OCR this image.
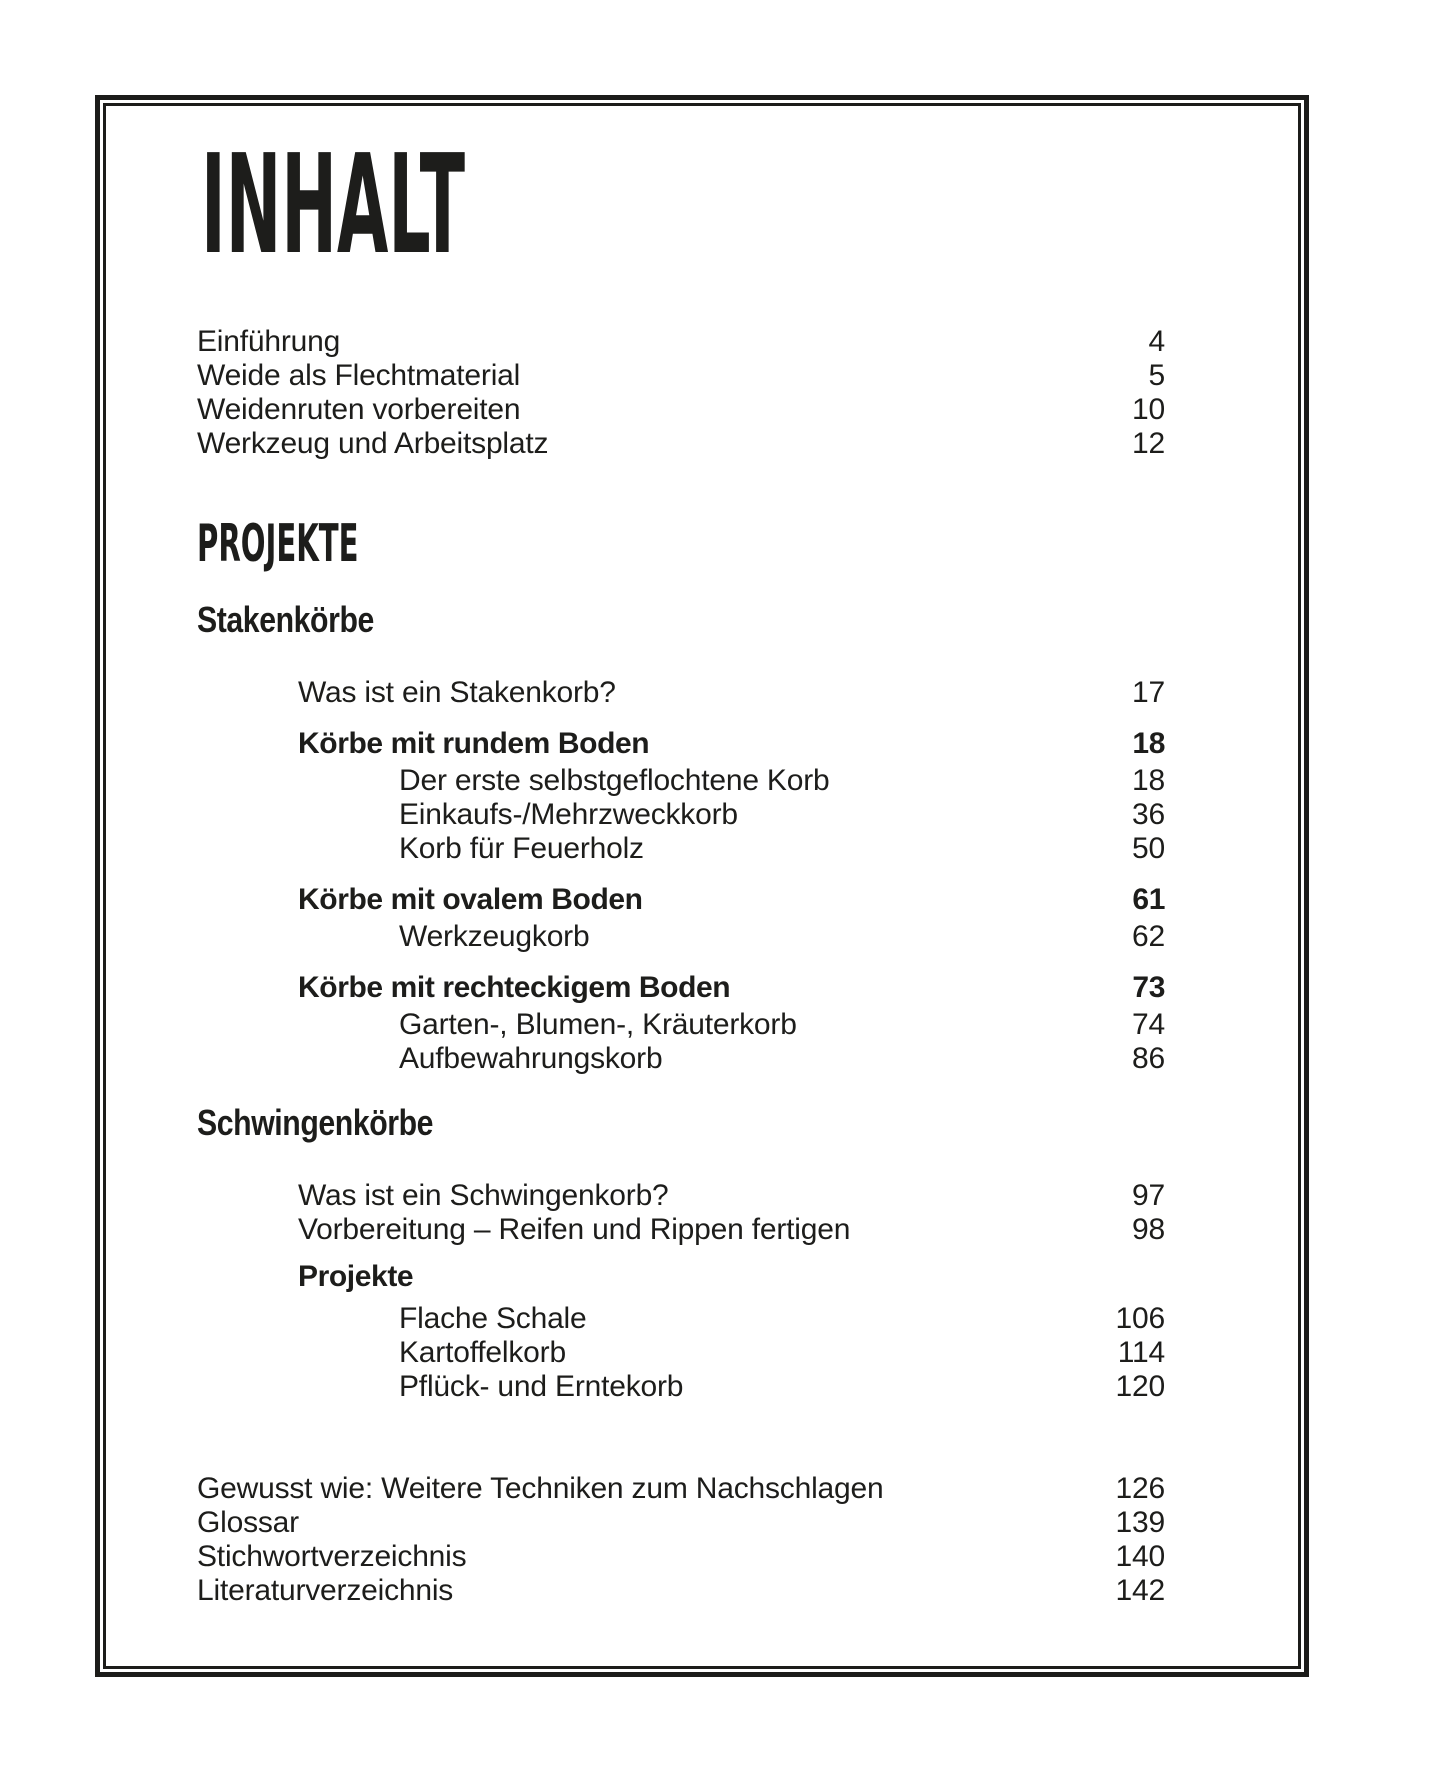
INHALT
Einführung	4
Weide als Flechtmaterial	5
Weidenruten vorbereiten	10
Werkzeug und Arbeitsplatz	12
PROJEKTE
Stakenkörbe
Was ist ein Stakenkorb?	17
Körbe mit rundem Boden	18
Der erste selbstgeflochtene Korb	18
Einkaufs-/Mehrzweckkorb	36
Korb für Feuerholz	50
Körbe mit ovalem Boden	61
Werkzeugkorb	62
Körbe mit rechteckigem Boden	73
Garten-, Blumen-, Kräuterkorb	74
Aufbewahrungskorb	86
Schwingenkörbe
Was ist ein Schwingenkorb?	97
Vorbereitung – Reifen und Rippen fertigen	98
Projekte
Flache Schale	106
Kartoffelkorb	114
Pflück- und Erntekorb	120
Gewusst wie: Weitere Techniken zum Nachschlagen	126
Glossar	139
Stichwortverzeichnis	140
Literaturverzeichnis	142
